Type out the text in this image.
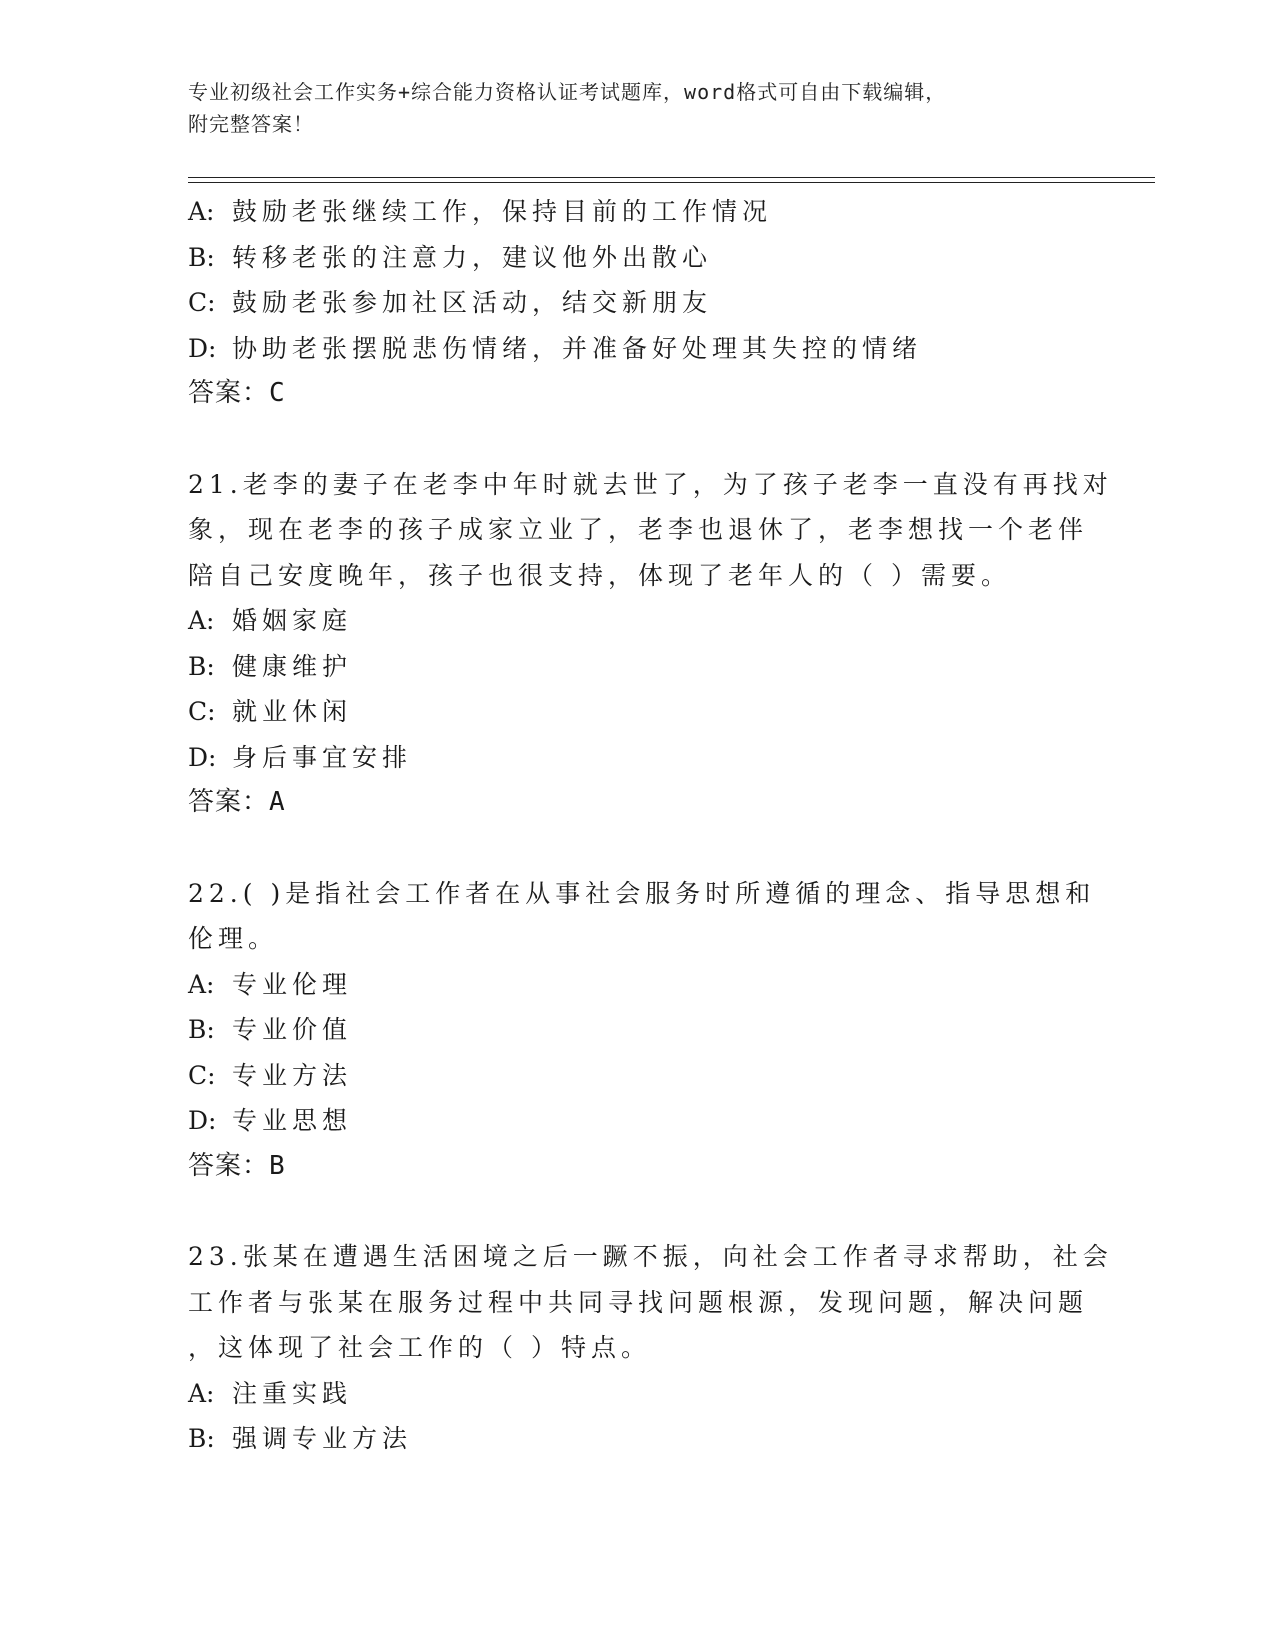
专业初级社会工作实务+综合能力资格认证考试题库，word格式可自由下载编辑，
附完整答案！
A: 鼓励老张继续工作，保持目前的工作情况
B: 转移老张的注意力，建议他外出散心
C: 鼓励老张参加社区活动，结交新朋友
D: 协助老张摆脱悲伤情绪，并准备好处理其失控的情绪
答案：C
21.老李的妻子在老李中年时就去世了，为了孩子老李一直没有再找对
象，现在老李的孩子成家立业了，老李也退休了，老李想找一个老伴
陪自己安度晚年，孩子也很支持，体现了老年人的（ ）需要。
A: 婚姻家庭
B: 健康维护
C: 就业休闲
D: 身后事宜安排
答案：A
22.( )是指社会工作者在从事社会服务时所遵循的理念、指导思想和
伦理。
A: 专业伦理
B: 专业价值
C: 专业方法
D: 专业思想
答案：B
23.张某在遭遇生活困境之后一蹶不振，向社会工作者寻求帮助，社会
工作者与张某在服务过程中共同寻找问题根源，发现问题，解决问题
，这体现了社会工作的（ ）特点。
A: 注重实践
B: 强调专业方法
